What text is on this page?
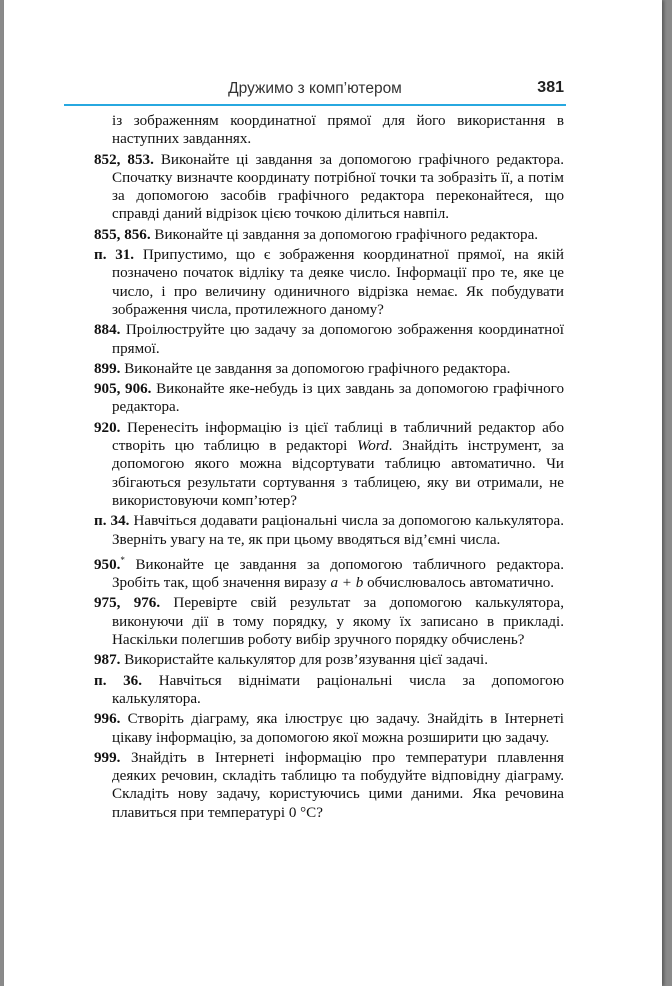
Дружимо з комп’ютером	381

із зображенням координатної прямої для його використання в наступних завданнях.

852, 853. Виконайте ці завдання за допомогою графічного редактора. Спочатку визначте координату потрібної точки та зобразіть її, а потім за допомогою засобів графічного редактора переконайтеся, що справді даний відрізок цією точкою ділиться навпіл.

855, 856. Виконайте ці завдання за допомогою графічного редактора.

п. 31. Припустимо, що є зображення координатної прямої, на якій позначено початок відліку та деяке число. Інформації про те, яке це число, і про величину одиничного відрізка немає. Як побудувати зображення числа, протилежного даному?

884. Проілюструйте цю задачу за допомогою зображення координатної прямої.

899. Виконайте це завдання за допомогою графічного редактора.

905, 906. Виконайте яке-небудь із цих завдань за допомогою графічного редактора.

920. Перенесіть інформацію із цієї таблиці в табличний редактор або створіть цю таблицю в редакторі Word. Знайдіть інструмент, за допомогою якого можна відсортувати таблицю автоматично. Чи збігаються результати сортування з таблицею, яку ви отримали, не використовуючи комп’ютер?

п. 34. Навчіться додавати раціональні числа за допомогою калькулятора. Зверніть увагу на те, як при цьому вводяться від’ємні числа.

950.* Виконайте це завдання за допомогою табличного редактора. Зробіть так, щоб значення виразу a + b обчислювалось автоматично.

975, 976. Перевірте свій результат за допомогою калькулятора, виконуючи дії в тому порядку, у якому їх записано в прикладі. Наскільки полегшив роботу вибір зручного порядку обчислень?

987. Використайте калькулятор для розв’язування цієї задачі.

п. 36. Навчіться віднімати раціональні числа за допомогою калькулятора.

996. Створіть діаграму, яка ілюструє цю задачу. Знайдіть в Інтернеті цікаву інформацію, за допомогою якої можна розширити цю задачу.

999. Знайдіть в Інтернеті інформацію про температури плавлення деяких речовин, складіть таблицю та побудуйте відповідну діаграму. Складіть нову задачу, користуючись цими даними. Яка речовина плавиться при температурі 0 °С?
